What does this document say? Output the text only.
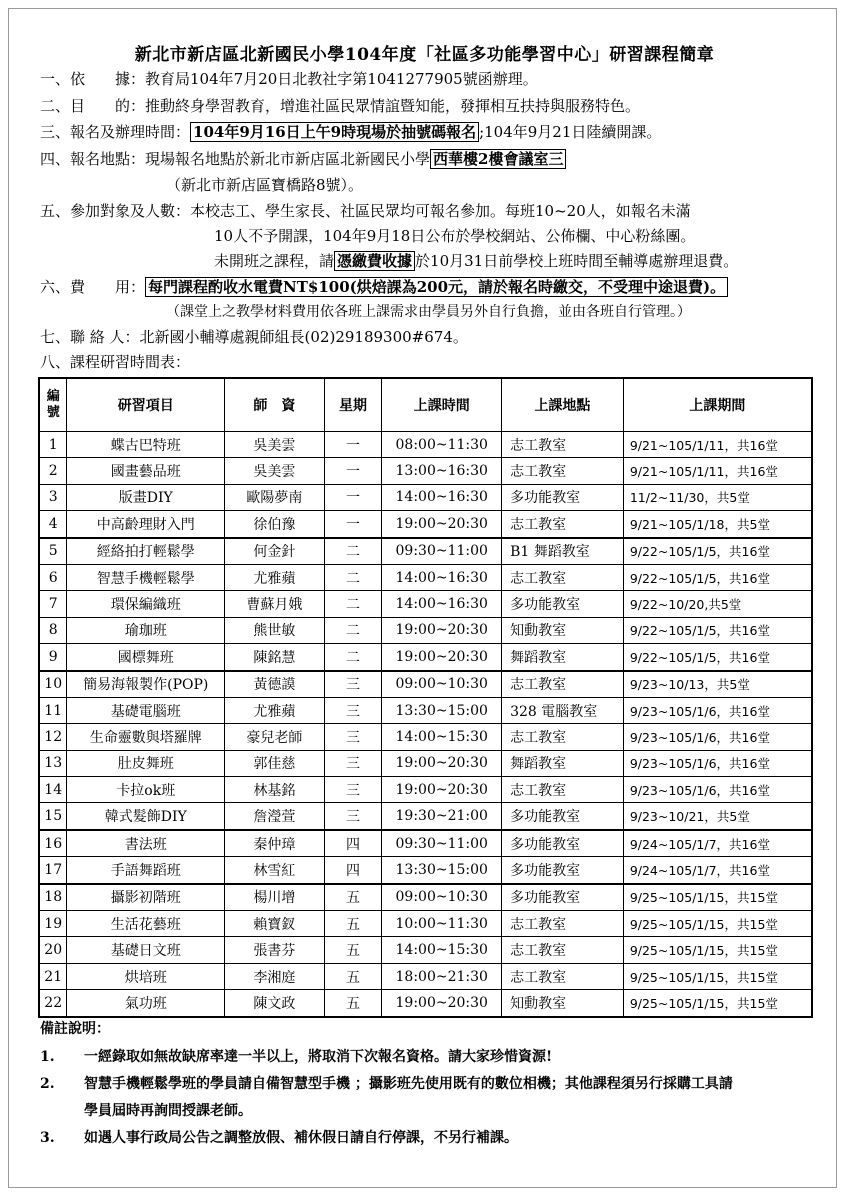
新北市新店區北新國民小學104年度「社區多功能學習中心」研習課程簡章
一、依　　據：教育局104年7月20日北教社字第1041277905號函辦理。
二、目　　的：推動終身學習教育，增進社區民眾情誼暨知能，發揮相互扶持與服務特色。
三、報名及辦理時間： 104年9月16日上午9時現場於抽號碼報名 ;104年9月21日陸續開課。
四、報名地點：現場報名地點於新北市新店區北新國民小學 西華樓2樓會議室三
（新北市新店區寶橋路8號）。
五、參加對象及人數：本校志工、學生家長、社區民眾均可報名參加。每班10~20人，如報名未滿
10人不予開課，104年9月18日公布於學校網站、公佈欄、中心粉絲團。
未開班之課程，請 憑繳費收據 於10月31日前學校上班時間至輔導處辦理退費。
六、費　　用： 每門課程酌收水電費NT$100(烘焙課為200元，請於報名時繳交，不受理中途退費)。
（課堂上之教學材料費用依各班上課需求由學員另外自行負擔，並由各班自行管理。）
七、聯 絡 人：北新國小輔導處親師組長(02)29189300#674。
八、課程研習時間表：
編
號	研習項目	師　資	星期	上課時間	上課地點	上課期間
1	蝶古巴特班	吳美雲	一	08:00~11:30	志工教室	9/21~105/1/11，共16堂
2	國畫藝品班	吳美雲	一	13:00~16:30	志工教室	9/21~105/1/11，共16堂
3	版畫DIY	歐陽夢南	一	14:00~16:30	多功能教室	11/2~11/30，共5堂
4	中高齡理財入門	徐伯豫	一	19:00~20:30	志工教室	9/21~105/1/18，共5堂
5	經絡拍打輕鬆學	何金針	二	09:30~11:00	B1 舞蹈教室	9/22~105/1/5，共16堂
6	智慧手機輕鬆學	尤雅蘋	二	14:00~16:30	志工教室	9/22~105/1/5，共16堂
7	環保編織班	曹蘇月娥	二	14:00~16:30	多功能教室	9/22~10/20,共5堂
8	瑜珈班	熊世敏	二	19:00~20:30	知動教室	9/22~105/1/5，共16堂
9	國標舞班	陳銘慧	二	19:00~20:30	舞蹈教室	9/22~105/1/5，共16堂
10	簡易海報製作(POP)	黃德謨	三	09:00~10:30	志工教室	9/23~10/13，共5堂
11	基礎電腦班	尤雅蘋	三	13:30~15:00	328 電腦教室	9/23~105/1/6，共16堂
12	生命靈數與塔羅牌	豪兒老師	三	14:00~15:30	志工教室	9/23~105/1/6，共16堂
13	肚皮舞班	郭佳慈	三	19:00~20:30	舞蹈教室	9/23~105/1/6，共16堂
14	卡拉ok班	林基銘	三	19:00~20:30	志工教室	9/23~105/1/6，共16堂
15	韓式髮飾DIY	詹瀅萱	三	19:30~21:00	多功能教室	9/23~10/21，共5堂
16	書法班	秦仲璋	四	09:30~11:00	多功能教室	9/24~105/1/7，共16堂
17	手語舞蹈班	林雪紅	四	13:30~15:00	多功能教室	9/24~105/1/7，共16堂
18	攝影初階班	楊川增	五	09:00~10:30	多功能教室	9/25~105/1/15，共15堂
19	生活花藝班	賴寶釵	五	10:00~11:30	志工教室	9/25~105/1/15，共15堂
20	基礎日文班	張書芬	五	14:00~15:30	志工教室	9/25~105/1/15，共15堂
21	烘培班	李湘庭	五	18:00~21:30	志工教室	9/25~105/1/15，共15堂
22	氣功班	陳文政	五	19:00~20:30	知動教室	9/25~105/1/15，共15堂
備註說明：
1. 一經錄取如無故缺席率達一半以上，將取消下次報名資格。請大家珍惜資源!
2. 智慧手機輕鬆學班的學員請自備智慧型手機 ；攝影班先使用既有的數位相機；其他課程須另行採購工具請
學員屆時再詢問授課老師。
3. 如遇人事行政局公告之調整放假、補休假日請自行停課，不另行補課。
